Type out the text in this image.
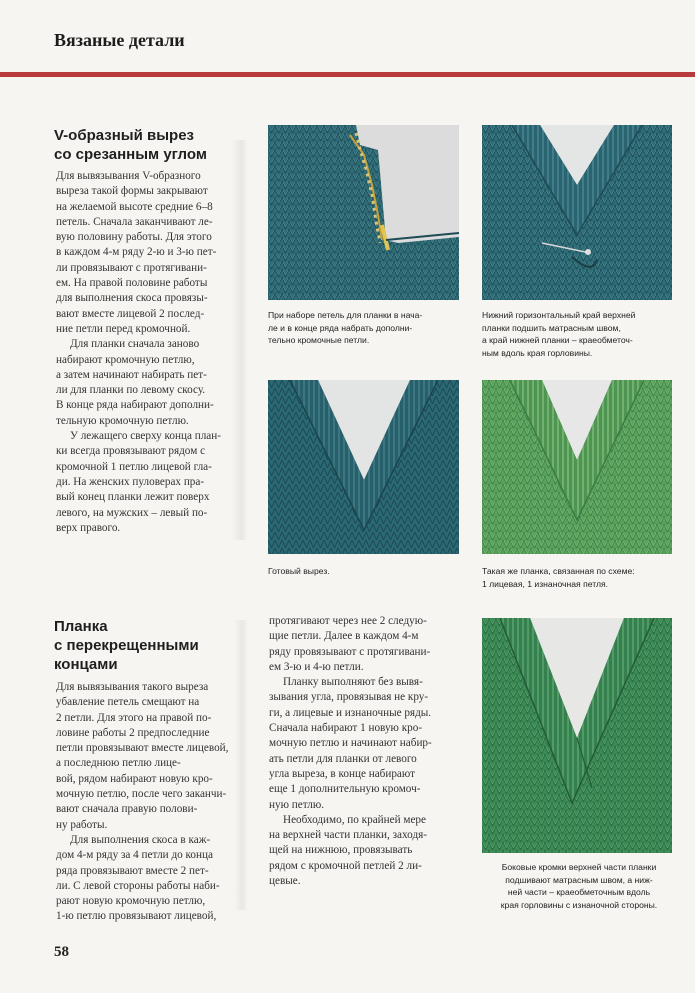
Вязаные детали
V-образный вырез
со срезанным углом

Для вывязывания V-образного
выреза такой формы закрывают
на желаемой высоте средние 6–8
петель. Сначала заканчивают ле-
вую половину работы. Для этого
в каждом 4-м ряду 2-ю и 3-ю пет-
ли провязывают с протягивани-
ем. На правой половине работы
для выполнения скоса провязы-
вают вместе лицевой 2 послед-
ние петли перед кромочной.

Для планки сначала заново
набирают кромочную петлю,
а затем начинают набирать пет-
ли для планки по левому скосу.
В конце ряда набирают дополни-
тельную кромочную петлю.

У лежащего сверху конца план-
ки всегда провязывают рядом с
кромочной 1 петлю лицевой гла-
ди. На женских пуловерах пра-
вый конец планки лежит поверх
левого, на мужских – левый по-
верх правого.

При наборе петель для планки в нача-
ле и в конце ряда набрать дополни-
тельно кромочные петли.
Нижний горизонтальный край верхней
планки подшить матрасным швом,
а край нижней планки – краеобметоч-
ным вдоль края горловины.
Готовый вырез.	Такая же планка, связанная по схеме:
1 лицевая, 1 изнаночная петля.
Планка
с перекрещенными
концами

Для вывязывания такого выреза
убавление петель смещают на
2 петли. Для этого на правой по-
ловине работы 2 предпоследние
петли провязывают вместе лицевой,
а последнюю петлю лице-
вой, рядом набирают новую кро-
мочную петлю, после чего заканчи-
вают сначала правую полови-
ну работы.

Для выполнения скоса в каж-
дом 4-м ряду за 4 петли до конца
ряда провязывают вместе 2 пет-
ли. С левой стороны работы наби-
рают новую кромочную петлю,
1-ю петлю провязывают лицевой,

протягивают через нее 2 следую-
щие петли. Далее в каждом 4-м
ряду провязывают с протягивани-
ем 3-ю и 4-ю петли.

Планку выполняют без вывя-
зывания угла, провязывая не кру-
ги, а лицевые и изнаночные ряды.
Сначала набирают 1 новую кро-
мочную петлю и начинают набир-
ать петли для планки от левого
угла выреза, в конце набирают
еще 1 дополнительную кромоч-
ную петлю.

Необходимо, по крайней мере
на верхней части планки, заходя-
щей на нижнюю, провязывать
рядом с кромочной петлей 2 ли-
цевые.

Боковые кромки верхней части планки
подшивают матрасным швом, а ниж-
ней части – краеобметочным вдоль
края горловины с изнаночной стороны.
58
